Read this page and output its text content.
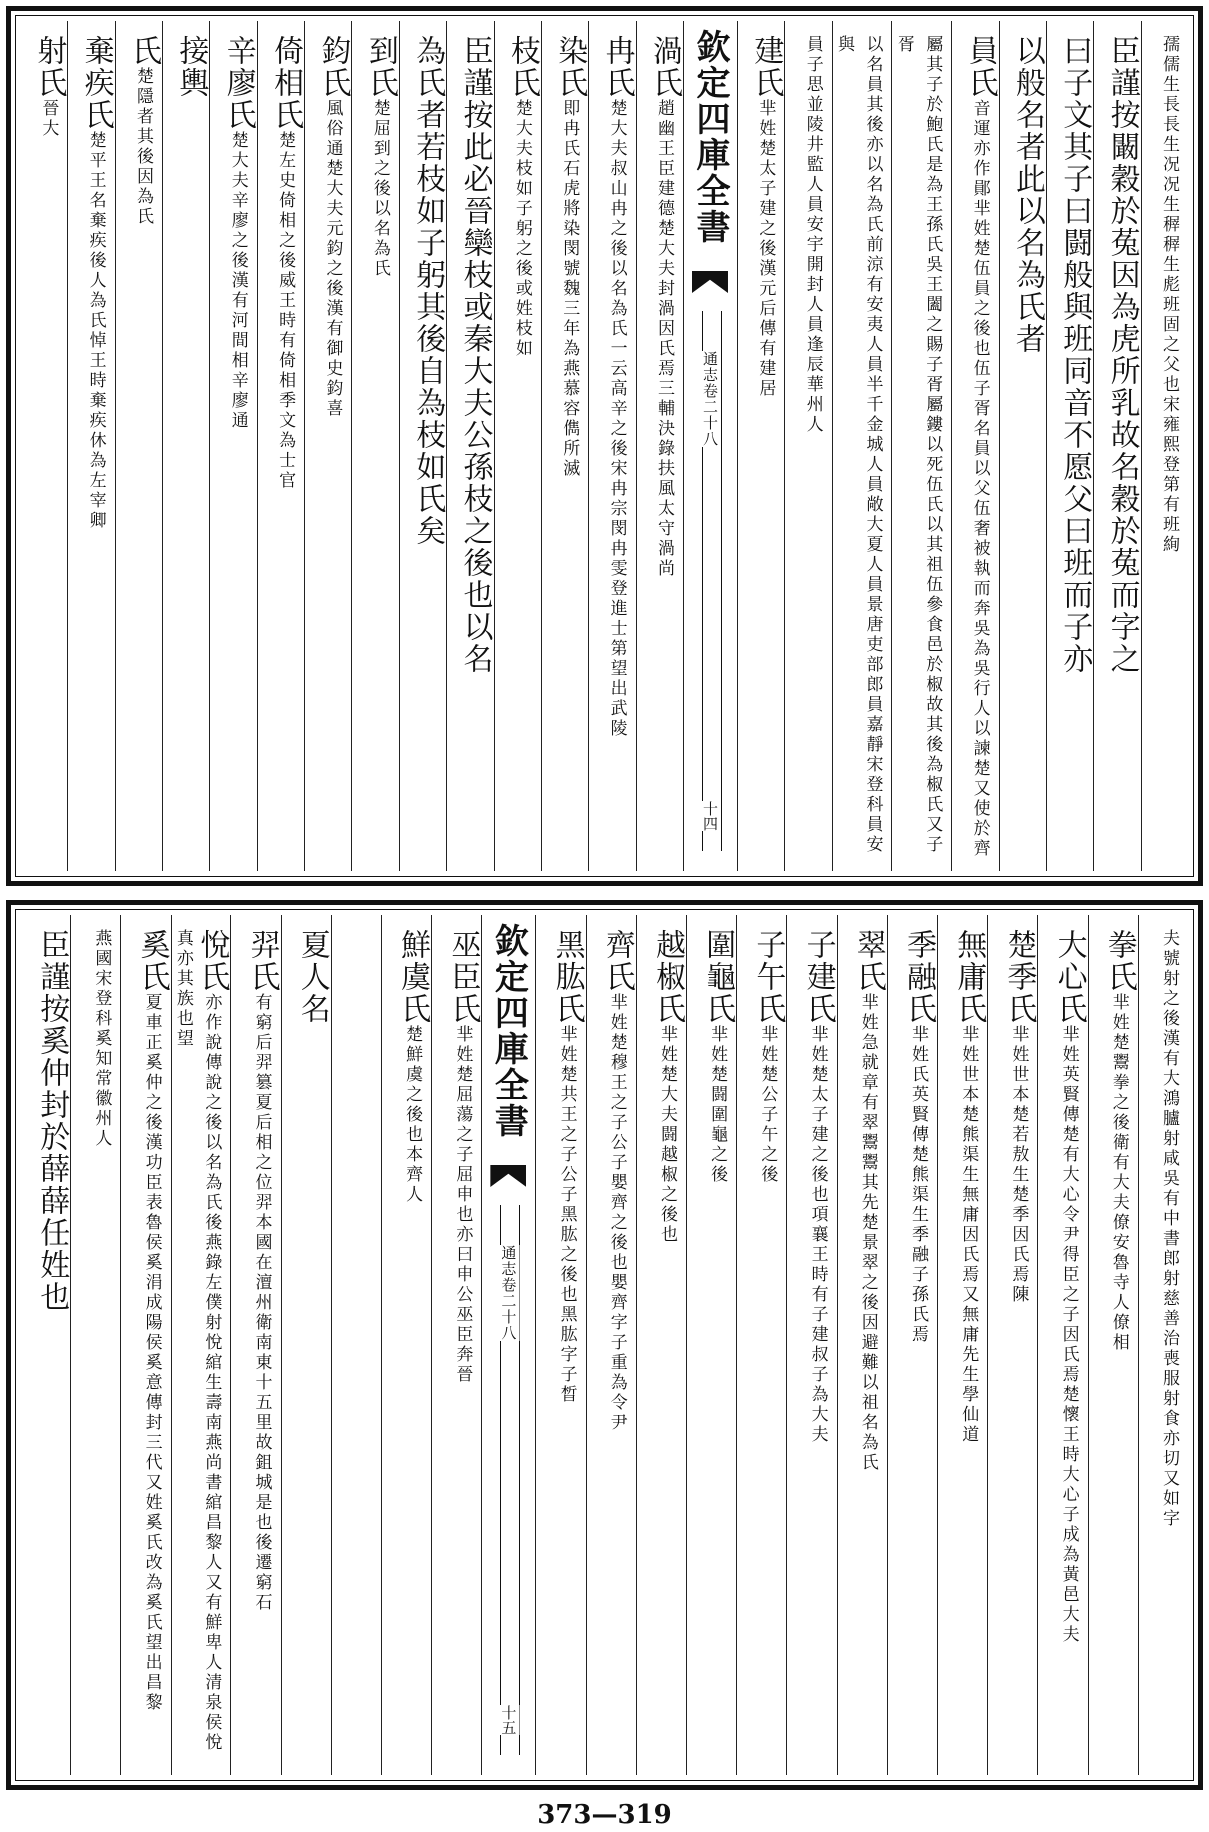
孺儒生長長生况况生稺稺生彪班固之父也宋雍熙登第有班絢
臣謹按闞穀於菟因為虎所乳故名穀於菟而字之
曰子文其子曰闘般與班同音不愿父曰班而子亦
以般名者此以名為氏者
員氏音運亦作鄖芈姓楚伍員之後也伍子胥名員以父伍奢被執而奔吳為吳行人以諫楚又使於齊
屬其子於鮑氏是為王孫氏吳王闔之賜子胥屬鏤以死伍氏以其祖伍參食邑於椒故其後為椒氏又子胥
以名員其後亦以名為氏前涼有安夷人員半千金城人員敞大夏人員景唐吏部郎員嘉靜宋登科員安與
員子思並陵井監人員安宇開封人員逢辰華州人
建氏芈姓楚太子建之後漢元后傳有建居
欽定四庫全書
通志卷二十八
十四
渦氏趙幽王臣建德楚大夫封渦因氏焉三輔決錄扶風太守渦尚
冉氏楚大夫叔山冉之後以名為氏一云高辛之後宋冉宗閔冉雯登進士第望出武陵
染氏即冉氏石虎將染閔號魏三年為燕慕容儁所滅
枝氏楚大夫枝如子躬之後或姓枝如
臣謹按此必晉欒枝或秦大夫公孫枝之後也以名
為氏者若枝如子躬其後自為枝如氏矣
到氏楚屈到之後以名為氏
鈞氏風俗通楚大夫元鈞之後漢有御史鈞喜
倚相氏楚左史倚相之後威王時有倚相季文為士官
辛廖氏楚大夫辛廖之後漢有河間相辛廖通
接輿
氏楚隱者其後因為氏
棄疾氏楚平王名棄疾後人為氏悼王時棄疾休為左宰卿
射氏晉大
夫號射之後漢有大鴻臚射咸吳有中書郎射慈善治喪服射食亦切又如字
拳氏芈姓楚鬻拳之後衛有大夫僚安魯寺人僚相
大心氏芈姓英賢傳楚有大心令尹得臣之子因氏焉楚懷王時大心子成為黃邑大夫
楚季氏芈姓世本楚若敖生楚季因氏焉陳
無庸氏芈姓世本楚熊渠生無庸因氏焉又無庸先生學仙道
季融氏芈姓氏英賢傳楚熊渠生季融子孫氏焉
翠氏芈姓急就章有翠鬻鬻其先楚景翠之後因避難以祖名為氏
子建氏芈姓楚太子建之後也項襄王時有子建叔子為大夫
子午氏芈姓楚公子午之後
圍龜氏芈姓楚闘圍龜之後
越椒氏芈姓楚大夫闘越椒之後也
齊氏芈姓楚穆王之子公子嬰齊之後也嬰齊字子重為令尹
黑肱氏芈姓楚共王之子公子黑肱之後也黑肱字子晳
欽定四庫全書
通志卷二十八
十五
巫臣氏芈姓楚屈蕩之子屈申也亦曰申公巫臣奔晉
鮮虞氏楚鮮虞之後也本齊人
夏人名
羿氏有窮后羿篡夏后相之位羿本國在澶州衛南東十五里故鉏城是也後遷窮石
悅氏亦作說傳說之後以名為氏後燕錄左僕射悅綰生壽南燕尚書綰昌黎人又有鮮卑人清泉侯悅真亦其族也望
奚氏夏車正奚仲之後漢功臣表魯侯奚涓成陽侯奚意傳封三代又姓奚氏改為奚氏望出昌黎
燕國宋登科奚知常徽州人
臣謹按奚仲封於薛薛任姓也
373—319
